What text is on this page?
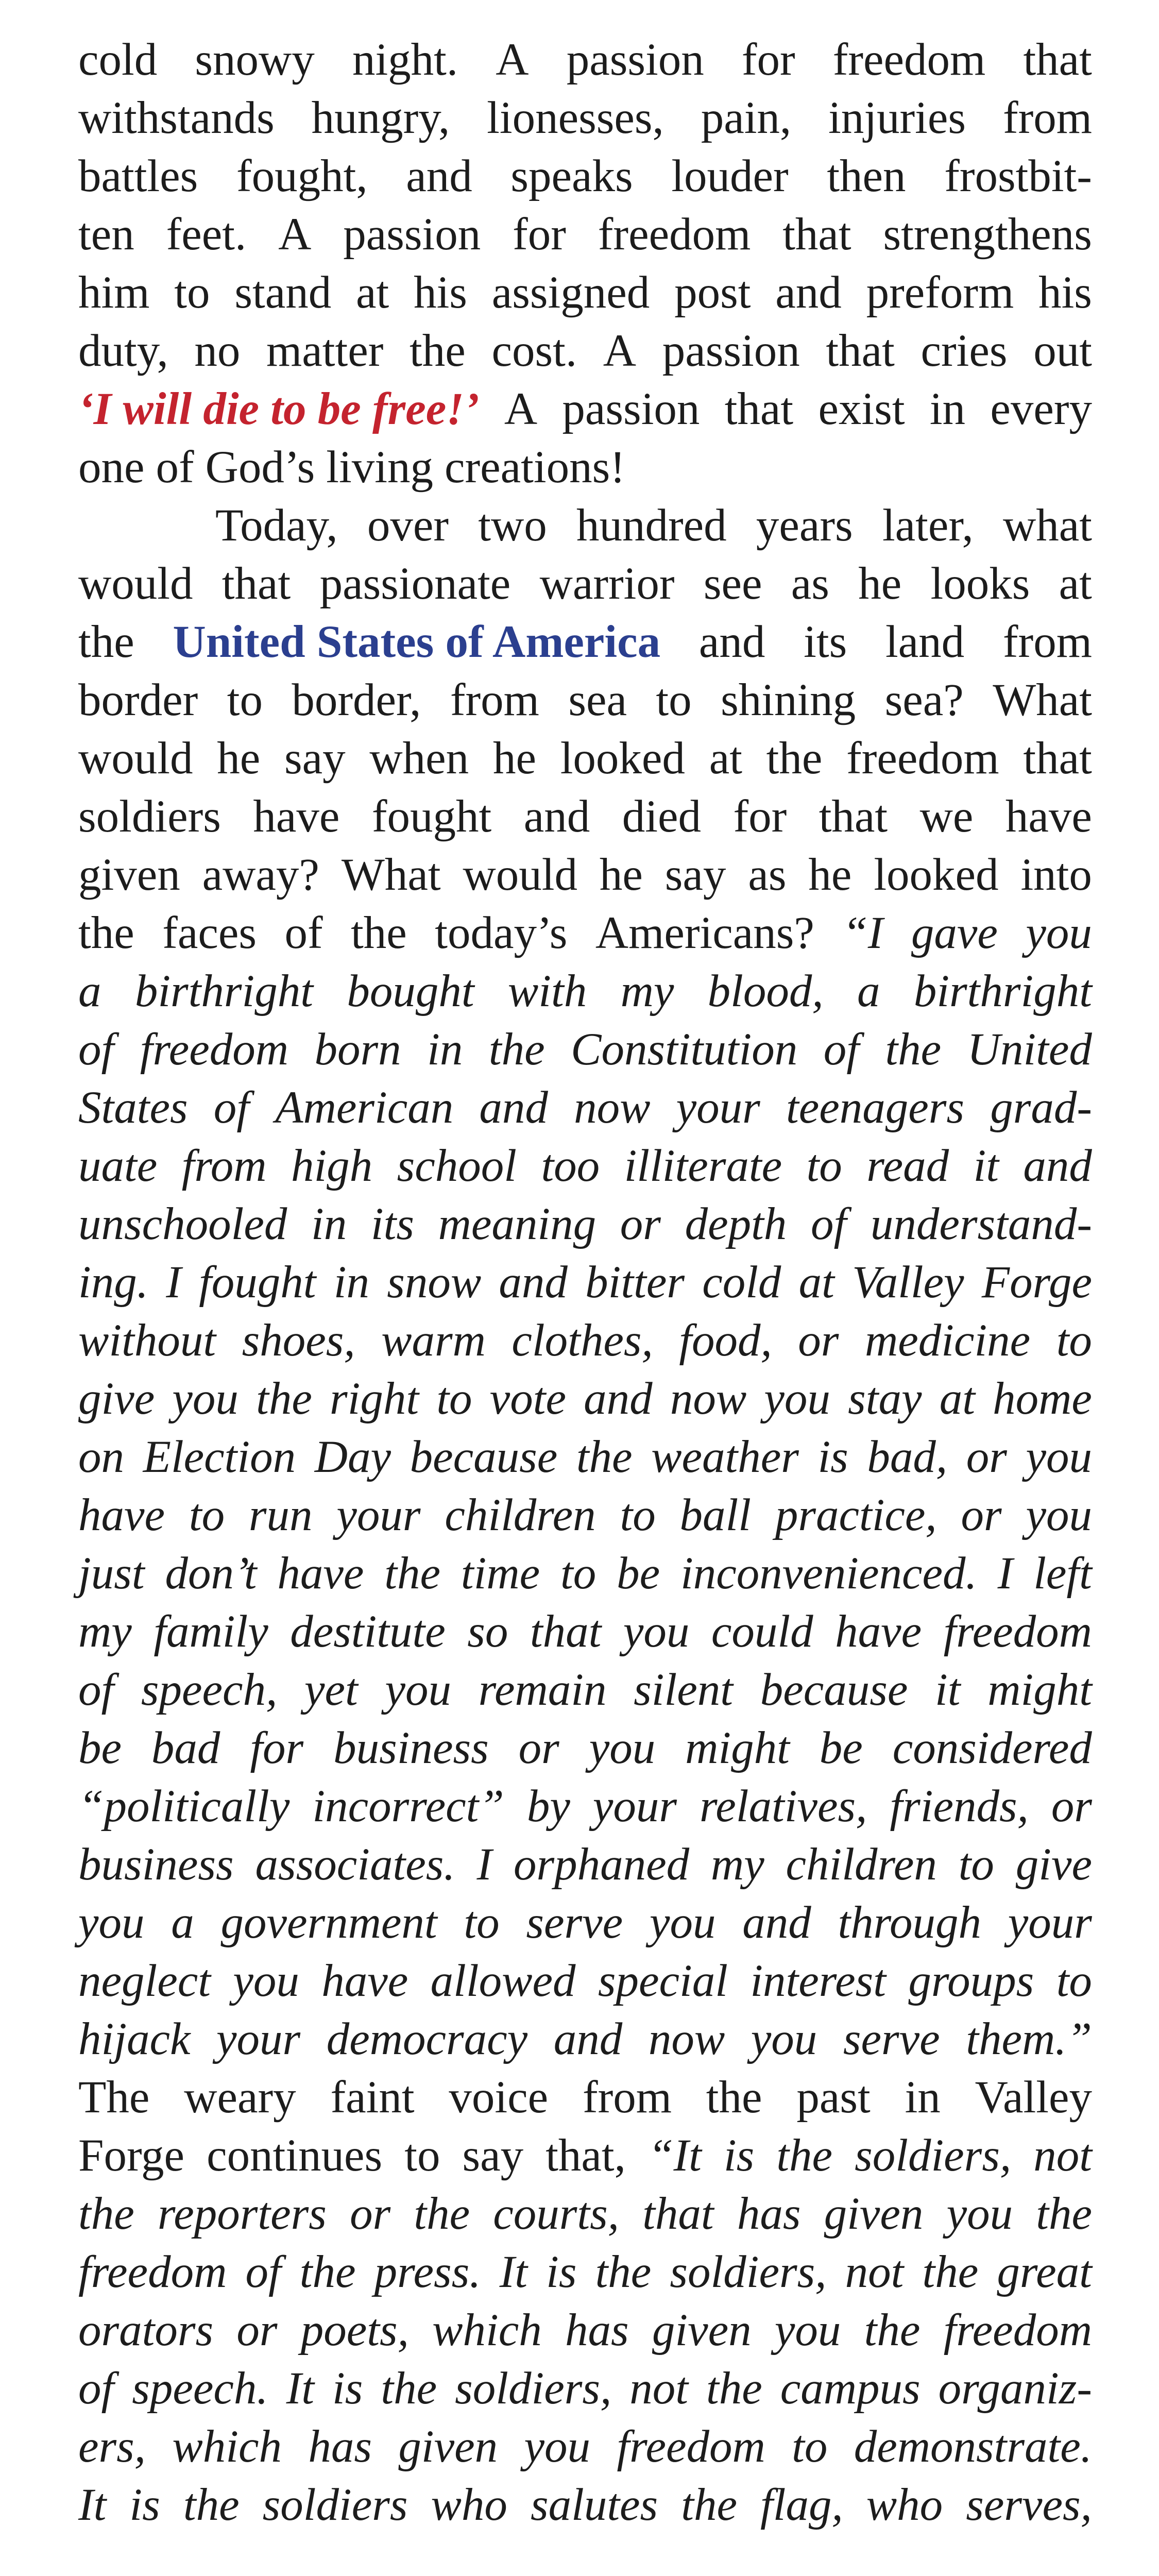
cold snowy night. A passion for freedom that
withstands hungry, lionesses, pain, injuries from
battles fought, and speaks louder then frostbit-
ten feet. A passion for freedom that strengthens
him to stand at his assigned post and preform his
duty, no matter the cost. A passion that cries out
‘I will die to be free!’ A passion that exist in every
one of God’s living creations!
Today, over two hundred years later, what
would that passionate warrior see as he looks at
the United States of America and its land from
border to border, from sea to shining sea? What
would he say when he looked at the freedom that
soldiers have fought and died for that we have
given away? What would he say as he looked into
the faces of the today’s Americans? “I gave you
a birthright bought with my blood, a birthright
of freedom born in the Constitution of the United
States of American and now your teenagers grad-
uate from high school too illiterate to read it and
unschooled in its meaning or depth of understand-
ing. I fought in snow and bitter cold at Valley Forge
without shoes, warm clothes, food, or medicine to
give you the right to vote and now you stay at home
on Election Day because the weather is bad, or you
have to run your children to ball practice, or you
just don’t have the time to be inconvenienced. I left
my family destitute so that you could have freedom
of speech, yet you remain silent because it might
be bad for business or you might be considered
“politically incorrect” by your relatives, friends, or
business associates. I orphaned my children to give
you a government to serve you and through your
neglect you have allowed special interest groups to
hijack your democracy and now you serve them.”
The weary faint voice from the past in Valley
Forge continues to say that, “It is the soldiers, not
the reporters or the courts, that has given you the
freedom of the press. It is the soldiers, not the great
orators or poets, which has given you the freedom
of speech. It is the soldiers, not the campus organiz-
ers, which has given you freedom to demonstrate.
It is the soldiers who salutes the flag, who serves,
